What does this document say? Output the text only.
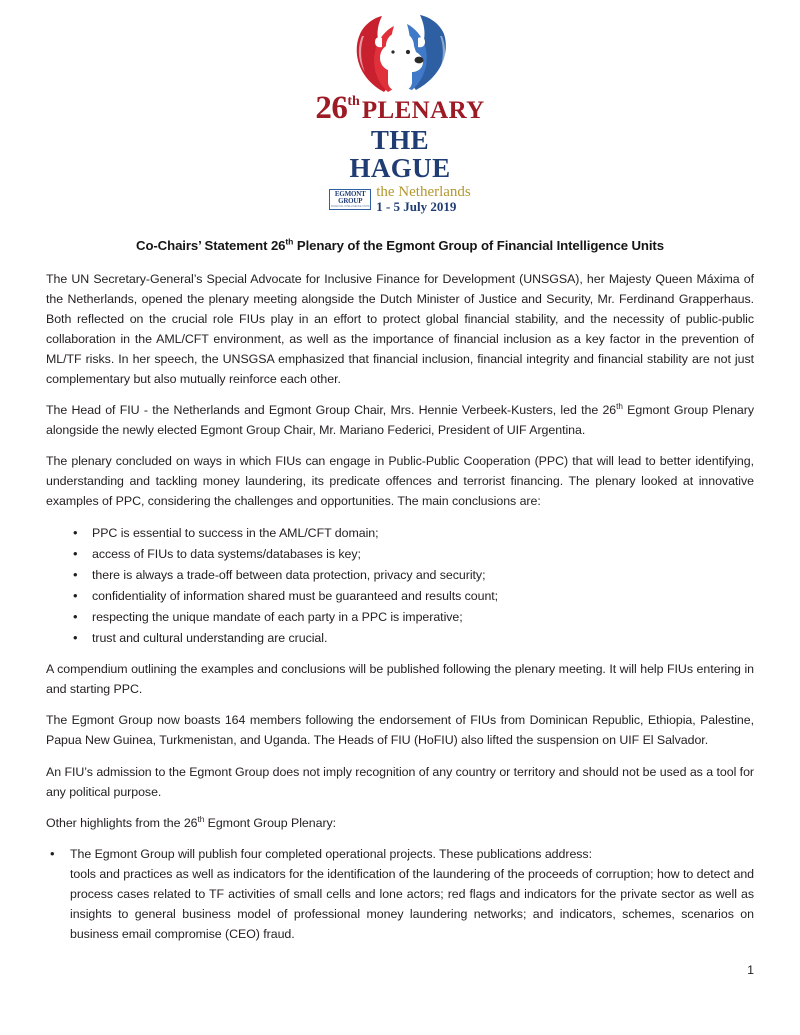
26 th PLENARY
THE HAGUE
EGMONT
GROUP
FINANCIAL INTELLIGENCE UNITS
the Netherlands
1 - 5 July 2019
Co-Chairs’ Statement 26th Plenary of the Egmont Group of Financial Intelligence Units

The UN Secretary-General’s Special Advocate for Inclusive Finance for Development (UNSGSA), her Majesty Queen Máxima of the Netherlands, opened the plenary meeting alongside the Dutch Minister of Justice and Security, Mr. Ferdinand Grapperhaus. Both reflected on the crucial role FIUs play in an effort to protect global financial stability, and the necessity of public-public collaboration in the AML/CFT environment, as well as the importance of financial inclusion as a key factor in the prevention of ML/TF risks. In her speech, the UNSGSA emphasized that financial inclusion, financial integrity and financial stability are not just complementary but also mutually reinforce each other.

The Head of FIU - the Netherlands and Egmont Group Chair, Mrs. Hennie Verbeek-Kusters, led the 26th Egmont Group Plenary alongside the newly elected Egmont Group Chair, Mr. Mariano Federici, President of UIF Argentina.

The plenary concluded on ways in which FIUs can engage in Public-Public Cooperation (PPC) that will lead to better identifying, understanding and tackling money laundering, its predicate offences and terrorist financing. The plenary looked at innovative examples of PPC, considering the challenges and opportunities. The main conclusions are:

• PPC is essential to success in the AML/CFT domain;
• access of FIUs to data systems/databases is key;
• there is always a trade-off between data protection, privacy and security;
• confidentiality of information shared must be guaranteed and results count;
• respecting the unique mandate of each party in a PPC is imperative;
• trust and cultural understanding are crucial.

A compendium outlining the examples and conclusions will be published following the plenary meeting. It will help FIUs entering in and starting PPC.

The Egmont Group now boasts 164 members following the endorsement of FIUs from Dominican Republic, Ethiopia, Palestine, Papua New Guinea, Turkmenistan, and Uganda. The Heads of FIU (HoFIU) also lifted the suspension on UIF El Salvador.

An FIU’s admission to the Egmont Group does not imply recognition of any country or territory and should not be used as a tool for any political purpose.

Other highlights from the 26th Egmont Group Plenary:

• The Egmont Group will publish four completed operational projects. These publications address:
tools and practices as well as indicators for the identification of the laundering of the proceeds of corruption; how to detect and process cases related to TF activities of small cells and lone actors; red flags and indicators for the private sector as well as insights to general business model of professional money laundering networks; and indicators, schemes, scenarios on business email compromise (CEO) fraud.
1
